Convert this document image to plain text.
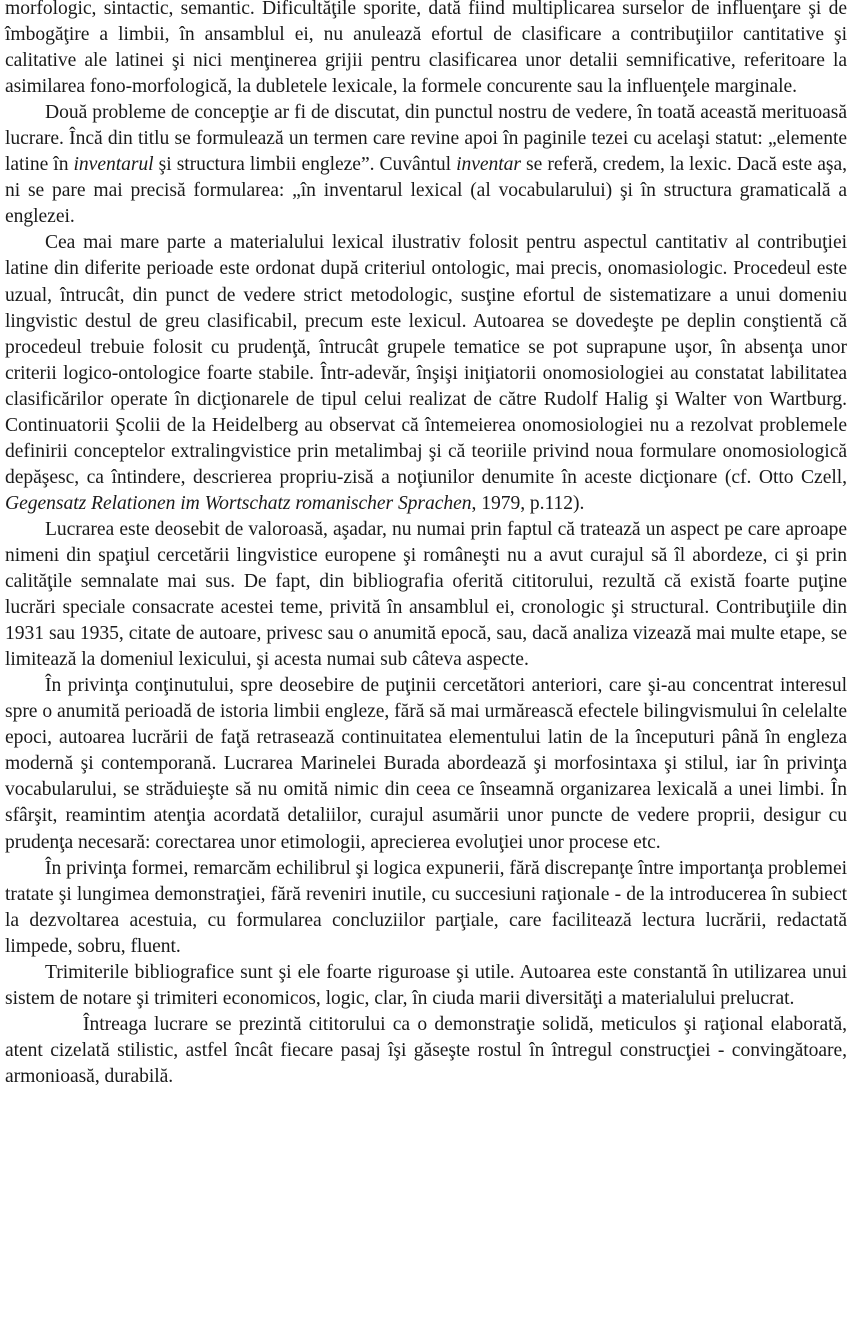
morfologic, sintactic, semantic. Dificultăţile sporite, dată fiind multiplicarea surselor de influenţare şi de îmbogăţire a limbii, în ansamblul ei, nu anulează efortul de clasificare a contribuţiilor cantitative şi calitative ale latinei şi nici menţinerea grijii pentru clasificarea unor detalii semnificative, referitoare la asimilarea fono-morfologică, la dubletele lexicale, la formele concurente sau la influenţele marginale.

Două probleme de concepţie ar fi de discutat, din punctul nostru de vedere, în toată această merituoasă lucrare. Încă din titlu se formulează un termen care revine apoi în paginile tezei cu acelaşi statut: „elemente latine în inventarul şi structura limbii engleze”. Cuvântul inventar se referă, credem, la lexic. Dacă este aşa, ni se pare mai precisă formularea: „în inventarul lexical (al vocabularului) şi în structura gramaticală a englezei.

Cea mai mare parte a materialului lexical ilustrativ folosit pentru aspectul cantitativ al contribuţiei latine din diferite perioade este ordonat după criteriul ontologic, mai precis, onomasiologic. Procedeul este uzual, întrucât, din punct de vedere strict metodologic, susţine efortul de sistematizare a unui domeniu lingvistic destul de greu clasificabil, precum este lexicul. Autoarea se dovedeşte pe deplin conştientă că procedeul trebuie folosit cu prudenţă, întrucât grupele tematice se pot suprapune uşor, în absenţa unor criterii logico-ontologice foarte stabile. Într-adevăr, înşişi iniţiatorii onomosiologiei au constatat labilitatea clasificărilor operate în dicţionarele de tipul celui realizat de către Rudolf Halig şi Walter von Wartburg. Continuatorii Şcolii de la Heidelberg au observat că întemeierea onomosiologiei nu a rezolvat problemele definirii conceptelor extralingvistice prin metalimbaj şi că teoriile privind noua formulare onomosiologică depăşesc, ca întindere, descrierea propriu-zisă a noţiunilor denumite în aceste dicţionare (cf. Otto Czell, Gegensatz Relationen im Wortschatz romanischer Sprachen, 1979, p.112).

Lucrarea este deosebit de valoroasă, aşadar, nu numai prin faptul că tratează un aspect pe care aproape nimeni din spaţiul cercetării lingvistice europene şi româneşti nu a avut curajul să îl abordeze, ci şi prin calităţile semnalate mai sus. De fapt, din bibliografia oferită cititorului, rezultă că există foarte puţine lucrări speciale consacrate acestei teme, privită în ansamblul ei, cronologic şi structural. Contribuţiile din 1931 sau 1935, citate de autoare, privesc sau o anumită epocă, sau, dacă analiza vizează mai multe etape, se limitează la domeniul lexicului, şi acesta numai sub câteva aspecte.

În privinţa conţinutului, spre deosebire de puţinii cercetători anteriori, care şi-au concentrat interesul spre o anumită perioadă de istoria limbii engleze, fără să mai urmărească efectele bilingvismului în celelalte epoci, autoarea lucrării de faţă retrasează continuitatea elementului latin de la începuturi până în engleza modernă şi contemporană. Lucrarea Marinelei Burada abordează şi morfosintaxa şi stilul, iar în privinţa vocabularului, se străduieşte să nu omită nimic din ceea ce înseamnă organizarea lexicală a unei limbi. În sfârşit, reamintim atenţia acordată detaliilor, curajul asumării unor puncte de vedere proprii, desigur cu prudenţa necesară: corectarea unor etimologii, aprecierea evoluţiei unor procese etc.

În privinţa formei, remarcăm echilibrul şi logica expunerii, fără discrepanţe între importanţa problemei tratate şi lungimea demonstraţiei, fără reveniri inutile, cu succesiuni raţionale - de la introducerea în subiect la dezvoltarea acestuia, cu formularea concluziilor parţiale, care facilitează lectura lucrării, redactată limpede, sobru, fluent.

Trimiterile bibliografice sunt şi ele foarte riguroase şi utile. Autoarea este constantă în utilizarea unui sistem de notare şi trimiteri economicos, logic, clar, în ciuda marii diversităţi a materialului prelucrat.

Întreaga lucrare se prezintă cititorului ca o demonstraţie solidă, meticulos şi raţional elaborată, atent cizelată stilistic, astfel încât fiecare pasaj îşi găseşte rostul în întregul construcţiei - convingătoare, armonioasă, durabilă.
